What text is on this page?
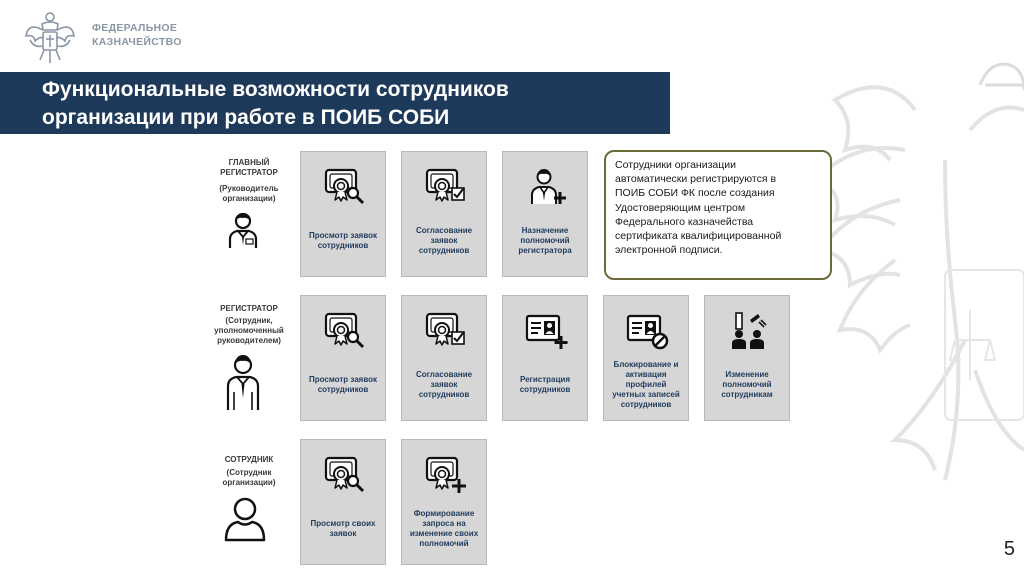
ФЕДЕРАЛЬНОЕ
КАЗНАЧЕЙСТВО
Функциональные возможности сотрудников
организации при работе в ПОИБ СОБИ
ГЛАВНЫЙ
РЕГИСТРАТОР
(Руководитель
организации)
Просмотр заявок сотрудников
Согласование заявок сотрудников
Назначение полномочий регистратора
Сотрудники организации
автоматически регистрируются в
ПОИБ СОБИ ФК после создания
Удостоверяющим центром
Федерального казначейства
сертификата квалифицированной
электронной подписи.
РЕГИСТРАТОР
(Сотрудник,
уполномоченный
руководителем)
Просмотр заявок сотрудников
Согласование заявок сотрудников
Регистрация сотрудников
Блокирование и активация профилей учетных записей сотрудников
Изменение полномочий сотрудникам
СОТРУДНИК
(Сотрудник
организации)
Просмотр своих заявок
Формирование запроса на изменение своих полномочий	5
